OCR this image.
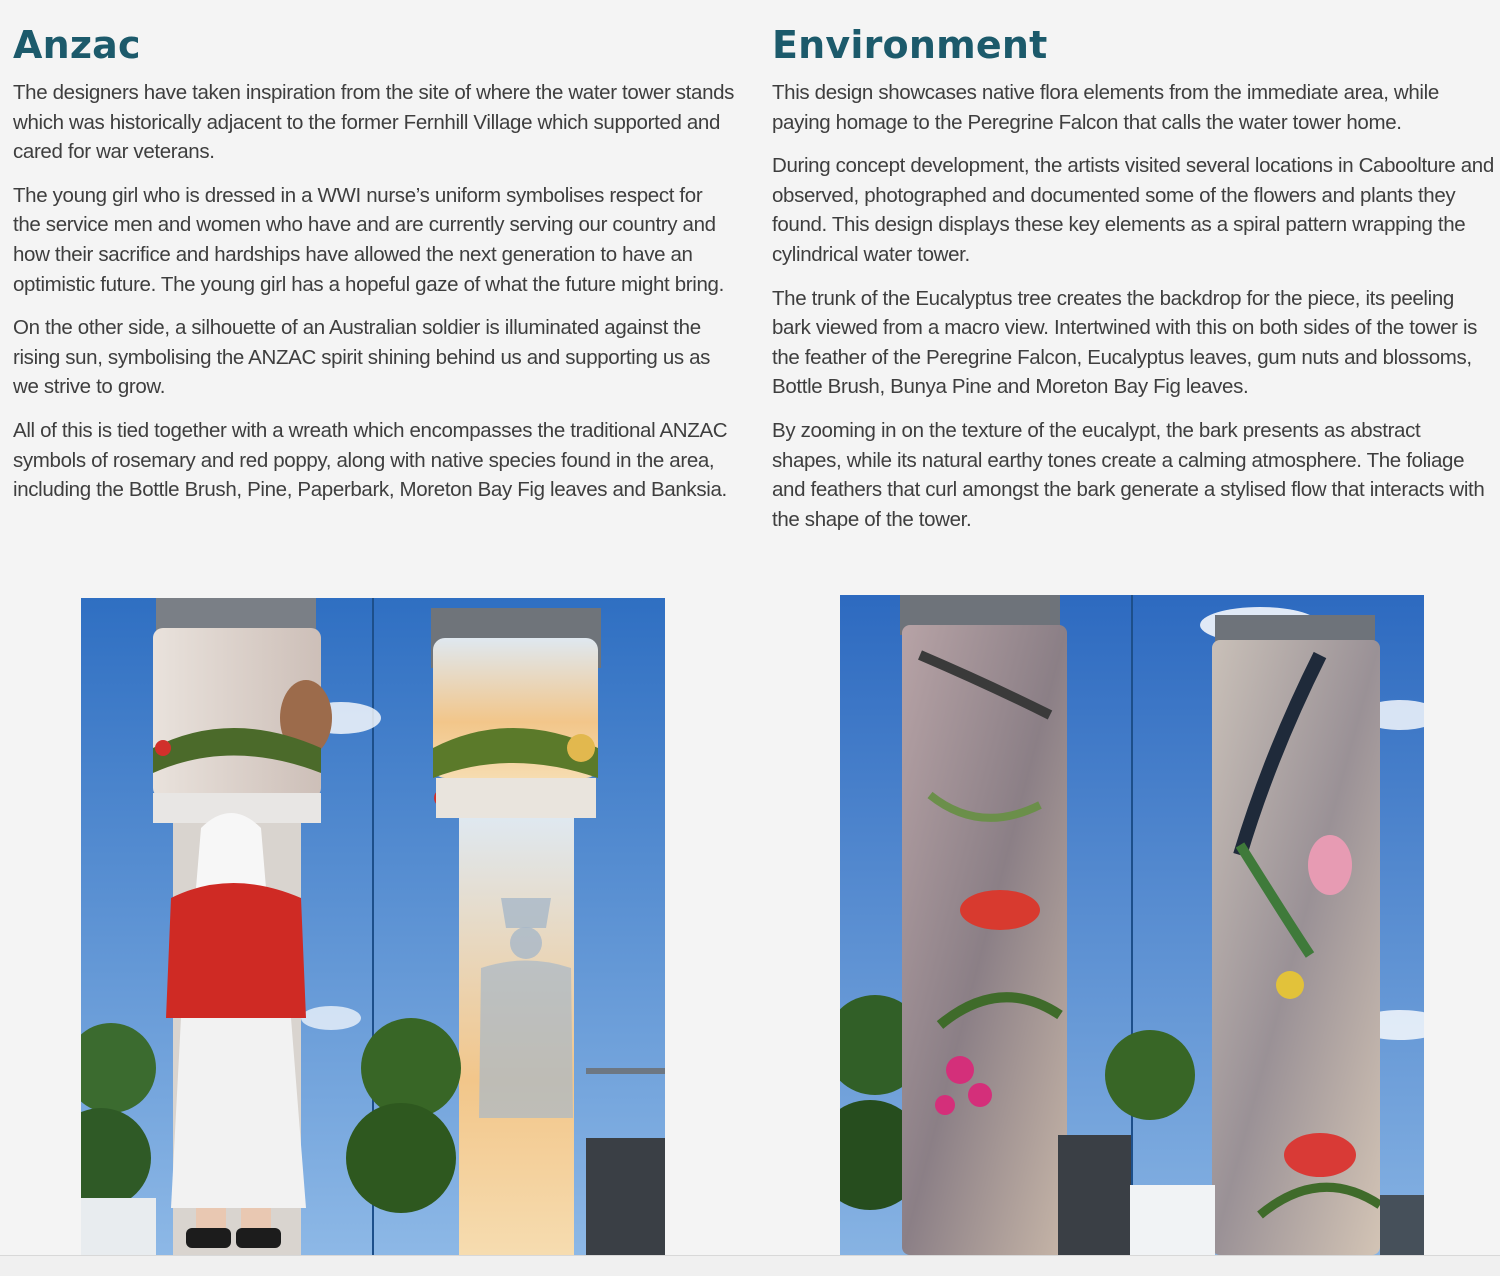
Anzac

The designers have taken inspiration from the site of where the water tower stands which was historically adjacent to the former Fernhill Village which supported and cared for war veterans.

The young girl who is dressed in a WWI nurse’s uniform symbolises respect for the service men and women who have and are currently serving our country and how their sacrifice and hardships have allowed the next generation to have an optimistic future. The young girl has a hopeful gaze of what the future might bring.

On the other side, a silhouette of an Australian soldier is illuminated against the rising sun, symbolising the ANZAC spirit shining behind us and supporting us as we strive to grow.

All of this is tied together with a wreath which encompasses the traditional ANZAC symbols of rosemary and red poppy, along with native species found in the area, including the Bottle Brush, Pine, Paperbark, Moreton Bay Fig leaves and Banksia.

Environment

This design showcases native flora elements from the immediate area, while paying homage to the Peregrine Falcon that calls the water tower home.

During concept development, the artists visited several locations in Caboolture and observed, photographed and documented some of the flowers and plants they found. This design displays these key elements as a spiral pattern wrapping the cylindrical water tower.

The trunk of the Eucalyptus tree creates the backdrop for the piece, its peeling bark viewed from a macro view. Intertwined with this on both sides of the tower is the feather of the Peregrine Falcon, Eucalyptus leaves, gum nuts and blossoms, Bottle Brush, Bunya Pine and Moreton Bay Fig leaves.

By zooming in on the texture of the eucalypt, the bark presents as abstract shapes, while its natural earthy tones create a calming atmosphere. The foliage and feathers that curl amongst the bark generate a stylised flow that interacts with the shape of the tower.
